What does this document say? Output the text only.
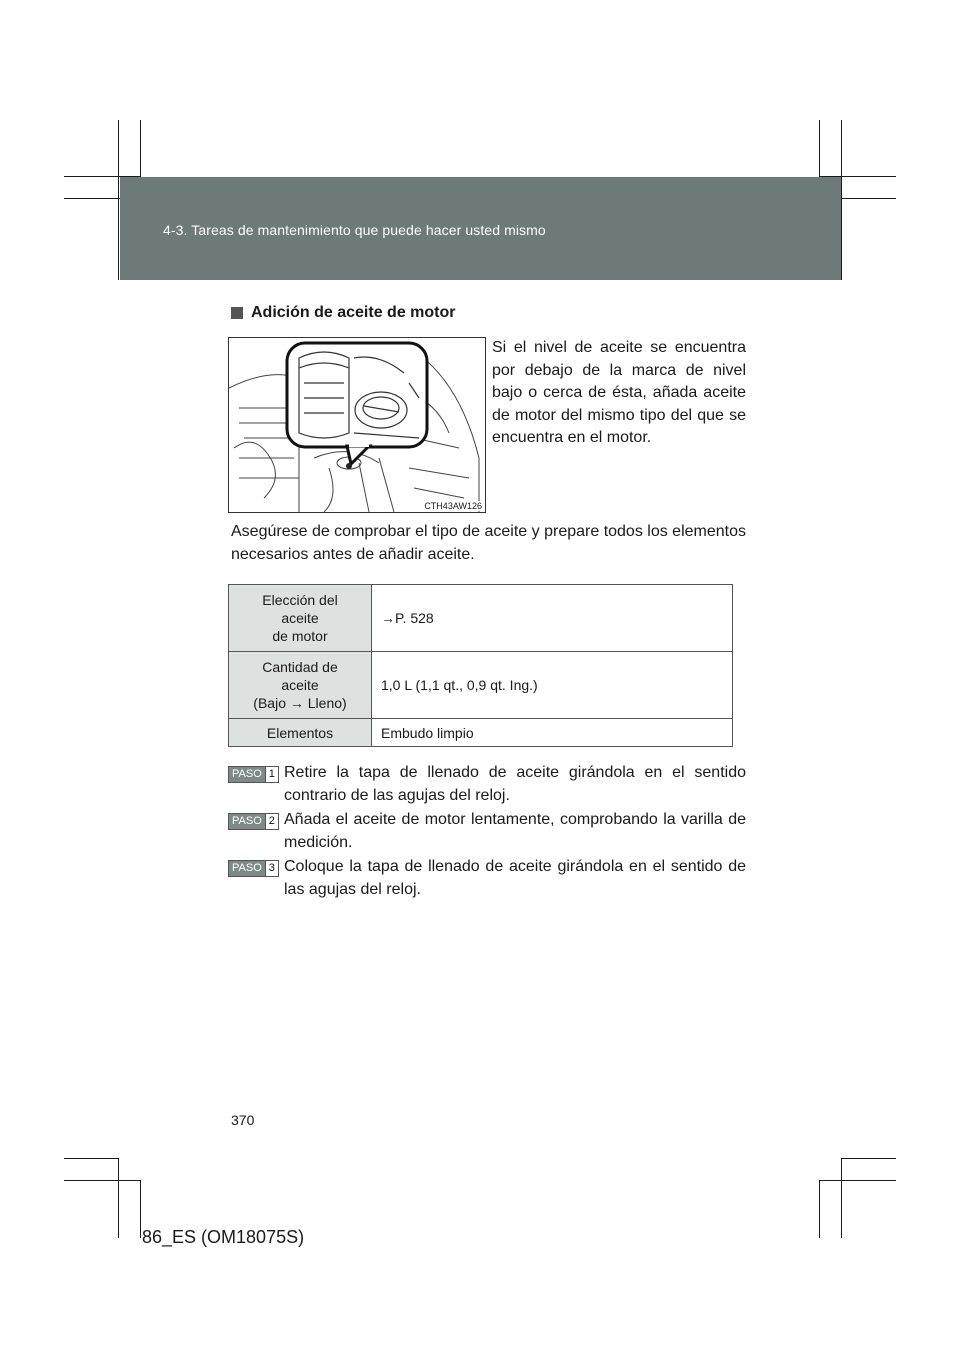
4-3. Tareas de mantenimiento que puede hacer usted mismo
Adición de aceite de motor
CTH43AW126
Si el nivel de aceite se encuentra por debajo de la marca de nivel bajo o cerca de ésta, añada aceite de motor del mismo tipo del que se encuentra en el motor.
Asegúrese de comprobar el tipo de aceite y prepare todos los elementos necesarios antes de añadir aceite.
Elección del
aceite
de motor	→P. 528

Cantidad de
aceite
(Bajo → Lleno)	1,0 L (1,1 qt., 0,9 qt. Ing.)

Elementos	Embudo limpio
PASO 1 Retire la tapa de llenado de aceite girándola en el sentido contrario de las agujas del reloj.
PASO 2 Añada el aceite de motor lentamente, comprobando la varilla de medición.
PASO 3 Coloque la tapa de llenado de aceite girándola en el sentido de las agujas del reloj.
370
86_ES (OM18075S)
